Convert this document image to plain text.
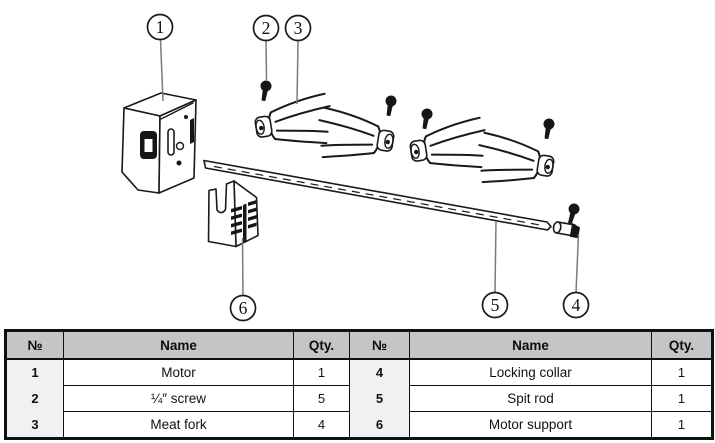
1	2 3
4
5
6
№	Name	Qty.	№	Name	Qty.
1	Motor	1	4	Locking collar	1
2	¼″ screw	5	5	Spit rod	1
3	Meat fork	4	6	Motor support	1
